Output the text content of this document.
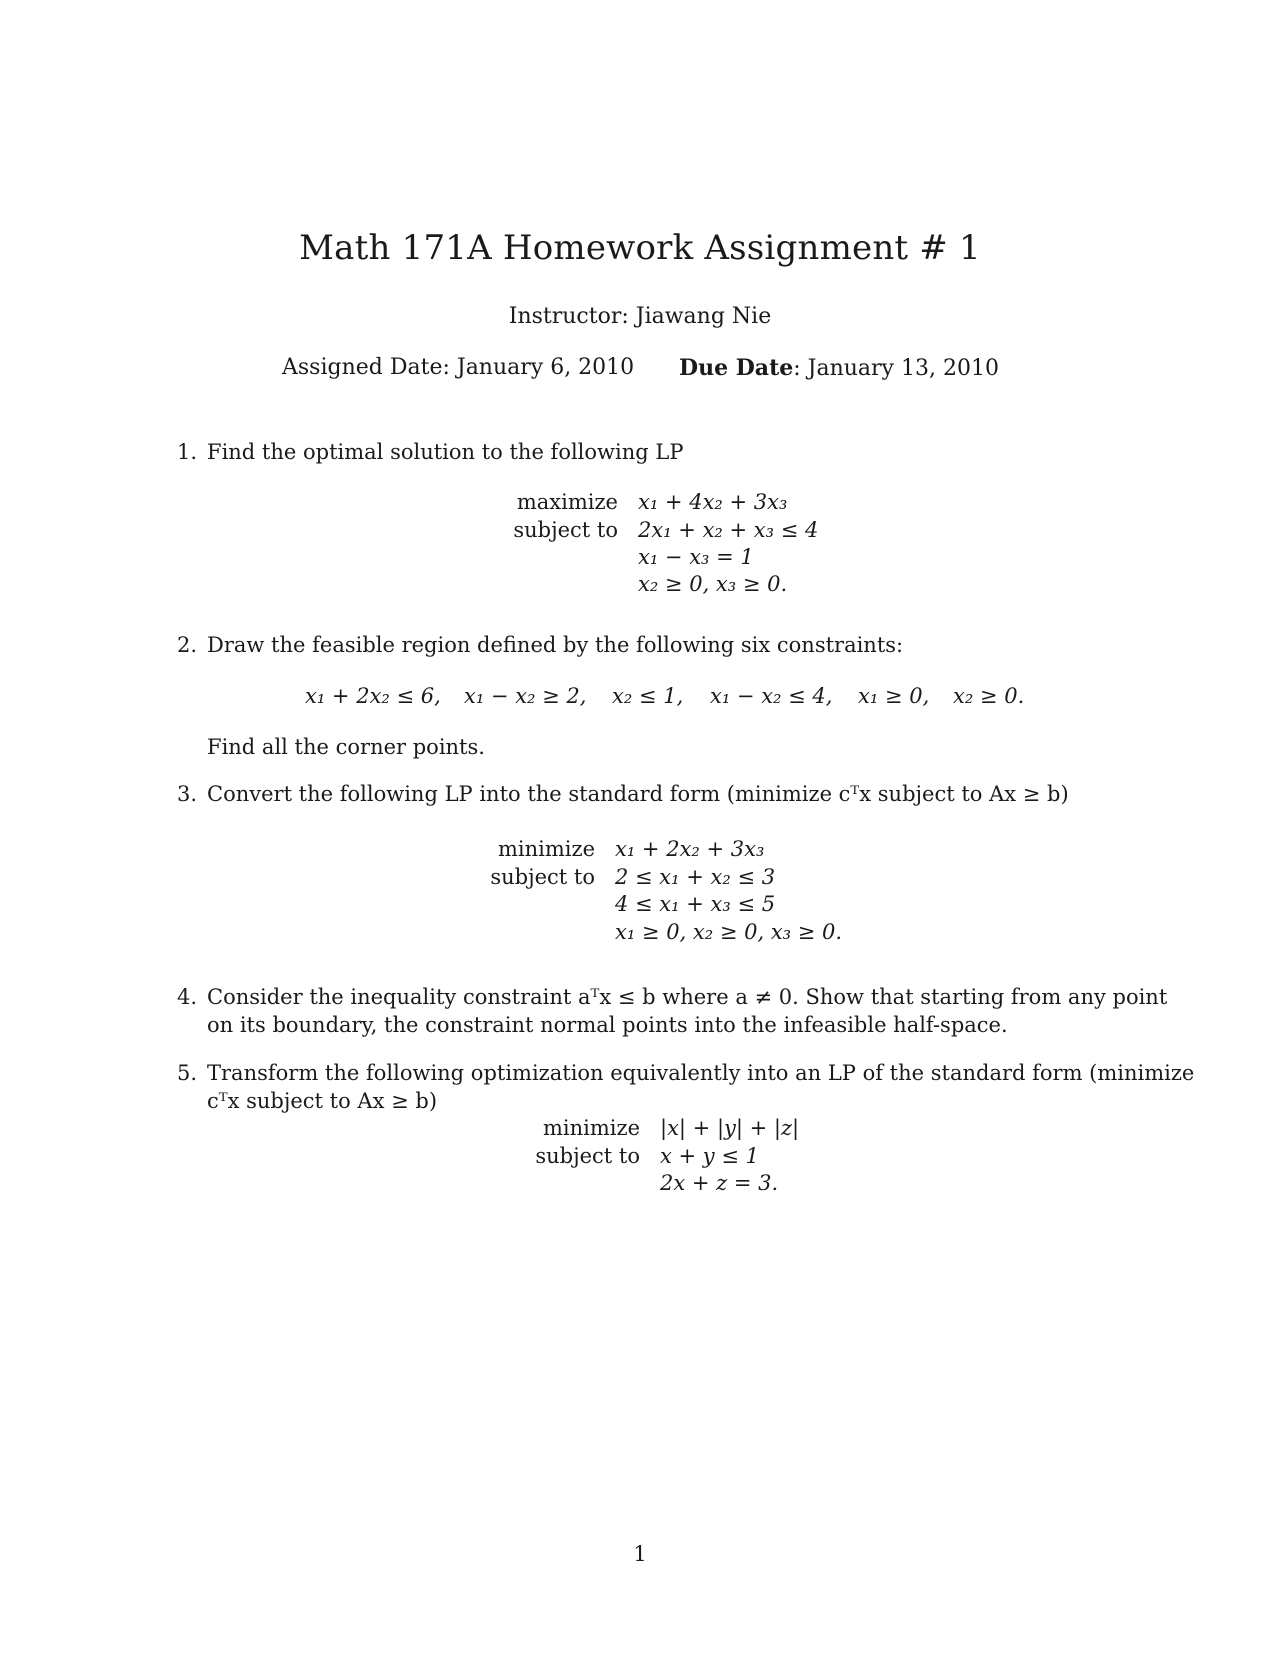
Math 171A Homework Assignment # 1
Instructor: Jiawang Nie
Assigned Date: January 6, 2010 Due Date: January 13, 2010
1. Find the optimal solution to the following LP
maximize x₁ + 4x₂ + 3x₃
subject to 2x₁ + x₂ + x₃ ≤ 4
x₁ − x₃ = 1
x₂ ≥ 0, x₃ ≥ 0.
2. Draw the feasible region defined by the following six constraints:
x₁ + 2x₂ ≤ 6, x₁ − x₂ ≥ 2, x₂ ≤ 1, x₁ − x₂ ≤ 4, x₁ ≥ 0, x₂ ≥ 0.
Find all the corner points.
3. Convert the following LP into the standard form (minimize cᵀx subject to Ax ≥ b)
minimize x₁ + 2x₂ + 3x₃
subject to 2 ≤ x₁ + x₂ ≤ 3
4 ≤ x₁ + x₃ ≤ 5
x₁ ≥ 0, x₂ ≥ 0, x₃ ≥ 0.
4. Consider the inequality constraint aᵀx ≤ b where a ≠ 0. Show that starting from any point
on its boundary, the constraint normal points into the infeasible half-space.
5. Transform the following optimization equivalently into an LP of the standard form (minimize
cᵀx subject to Ax ≥ b)
minimize |x| + |y| + |z|
subject to x + y ≤ 1
2x + z = 3.
1
